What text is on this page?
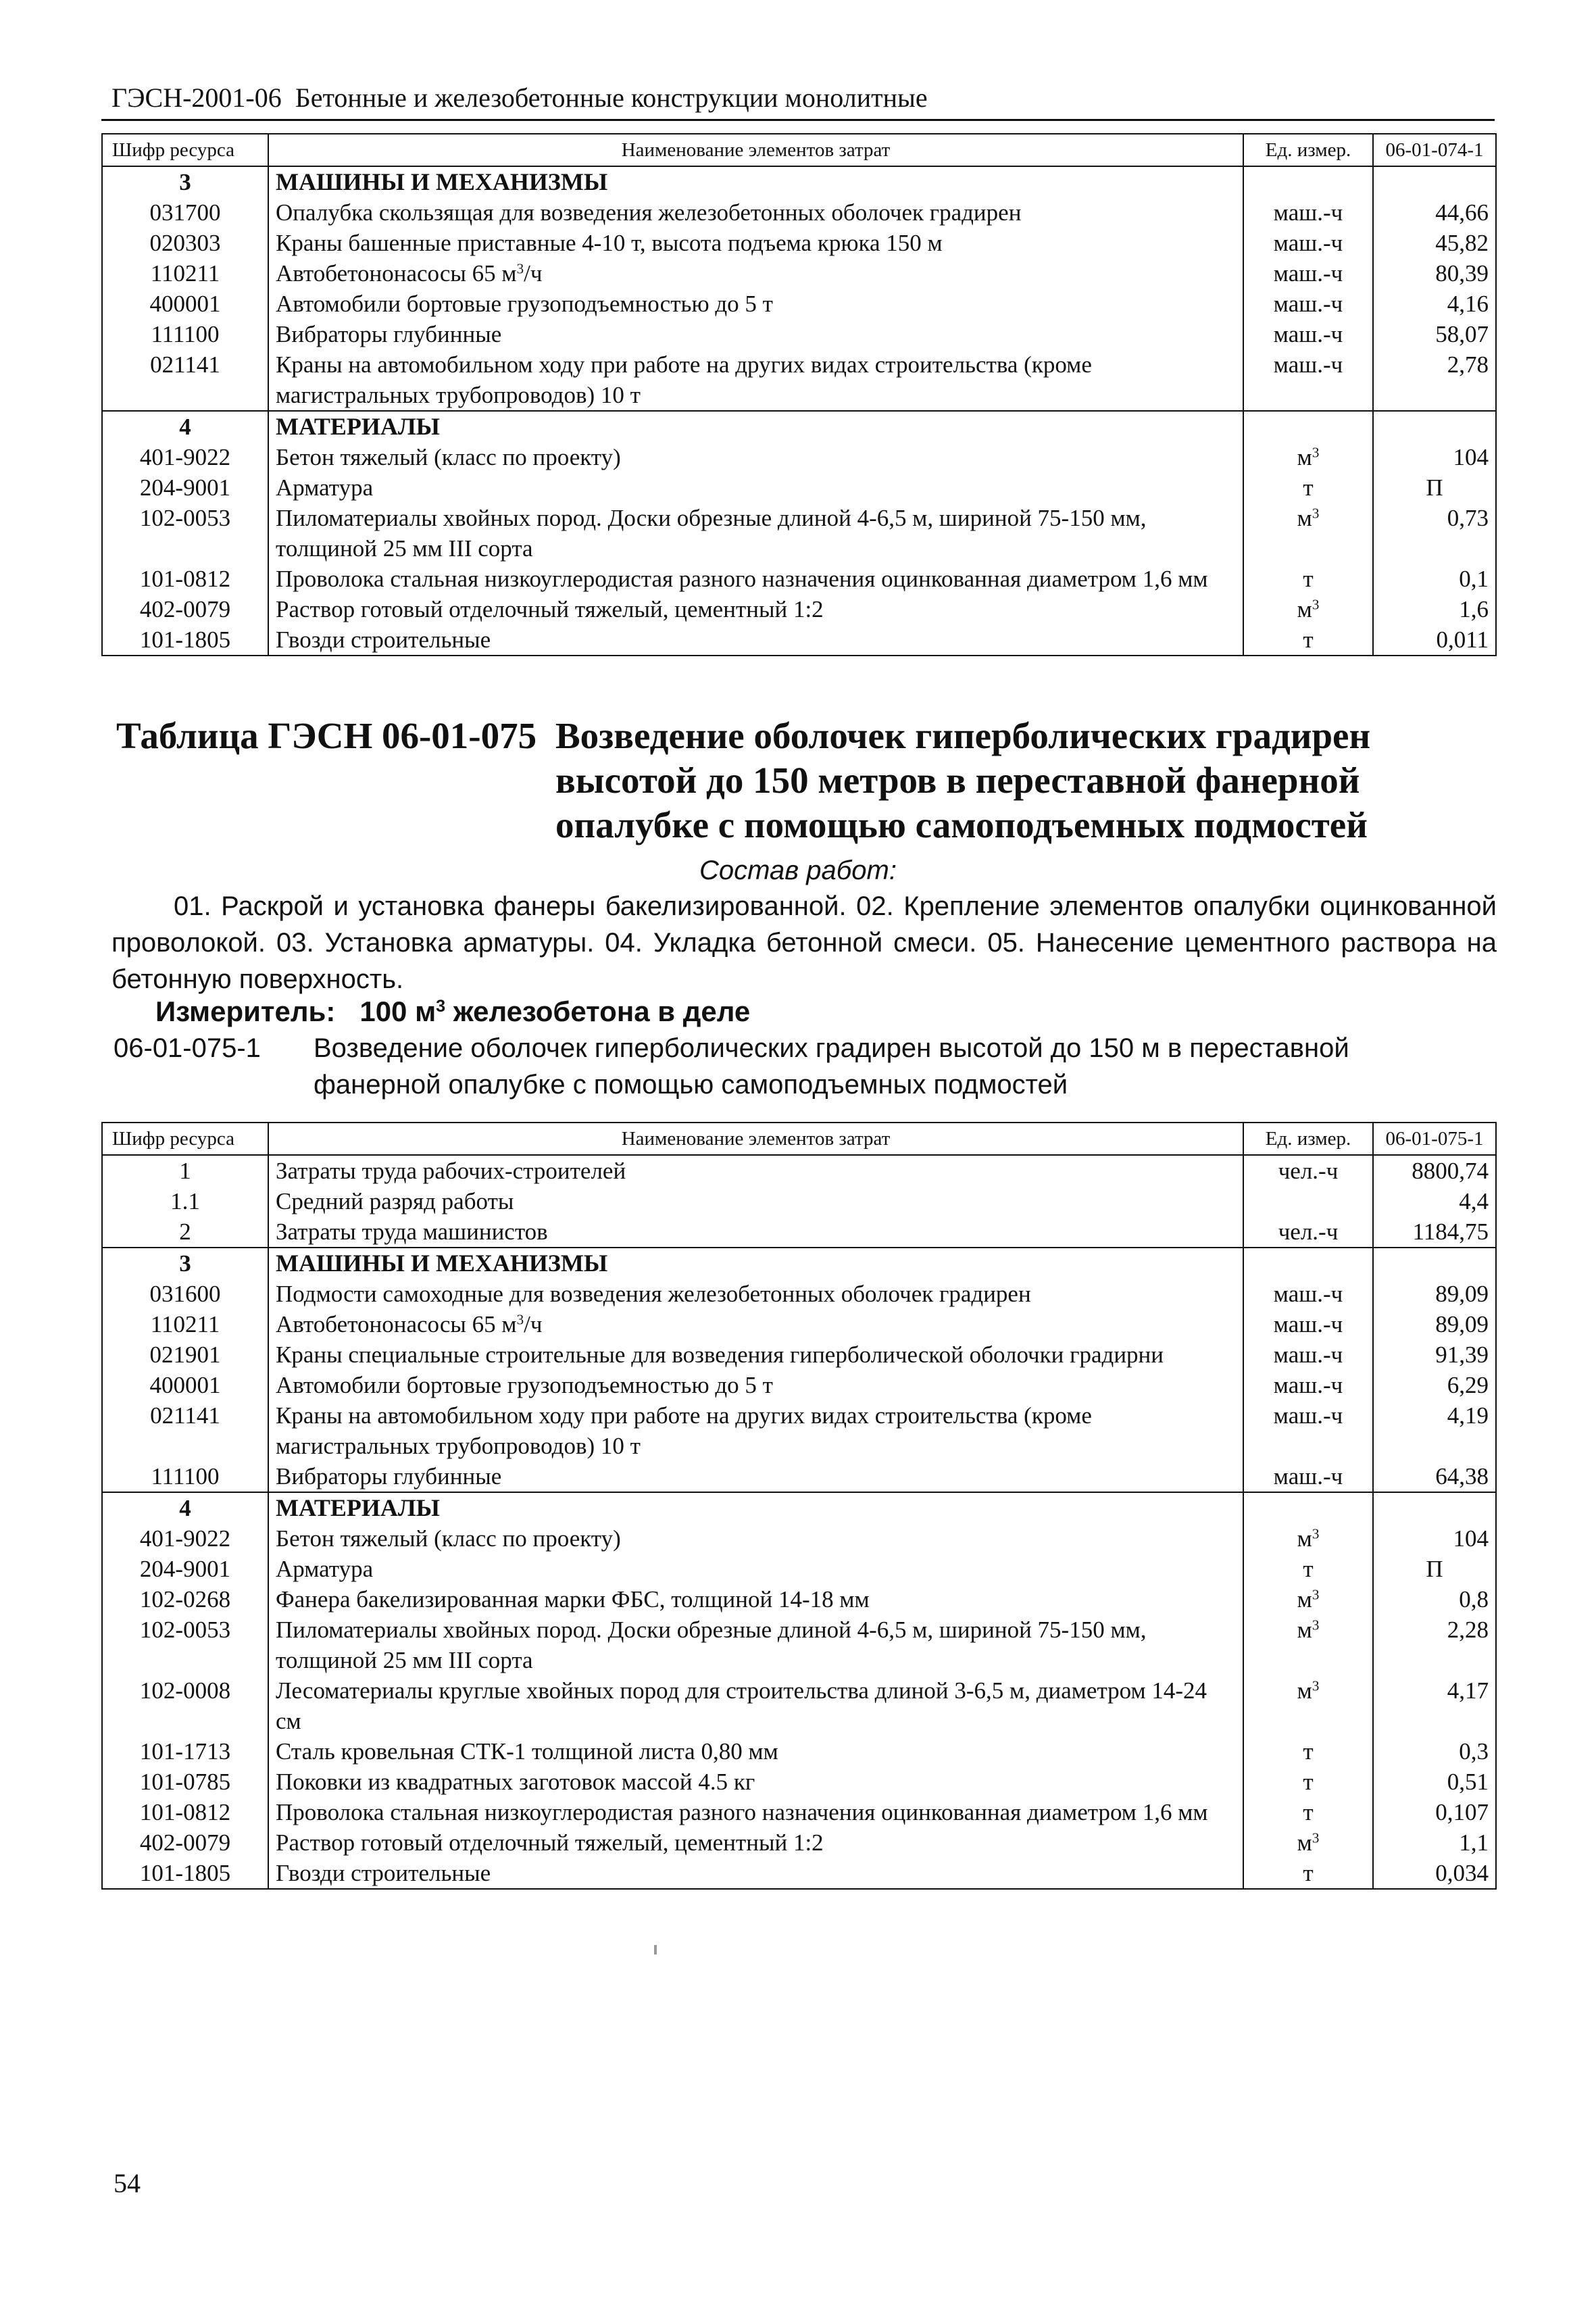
ГЭСН-2001-06 Бетонные и железобетонные конструкции монолитные
Шифр ресурса	Наименование элементов затрат	Ед. измер.	06-01-074-1
3	МАШИНЫ И МЕХАНИЗМЫ		
031700	Опалубка скользящая для возведения железобетонных оболочек градирен	маш.-ч	44,66
020303	Краны башенные приставные 4-10 т, высота подъема крюка 150 м	маш.-ч	45,82
110211	Автобетононасосы 65 $м^3/ч$	маш.-ч	80,39
400001	Автомобили бортовые грузоподъемностью до 5 т	маш.-ч	4,16
111100	Вибраторы глубинные	маш.-ч	58,07
021141	Краны на автомобильном ходу при работе на других видах строительства (кроме магистральных трубопроводов) 10 т	маш.-ч	2,78
4	МАТЕРИАЛЫ		
401-9022	Бетон тяжелый (класс по проекту)	$м^3$	104
204-9001	Арматура	т	П
102-0053	Пиломатериалы хвойных пород. Доски обрезные длиной 4-6,5 м, шириной 75-150 мм, толщиной 25 мм III сорта	$м^3$	0,73
101-0812	Проволока стальная низкоуглеродистая разного назначения оцинкованная диаметром 1,6 мм	т	0,1
402-0079	Раствор готовый отделочный тяжелый, цементный 1:2	$м^3$	1,6
101-1805	Гвозди строительные	т	0,011
Таблица ГЭСН 06-01-075 Возведение оболочек гиперболических градирен высотой до 150 метров в переставной фанерной опалубке с помощью самоподъемных подмостей
Состав работ:
01. Раскрой и установка фанеры бакелизированной. 02. Крепление элементов опалубки оцинкованной проволокой. 03. Установка арматуры. 04. Укладка бетонной смеси. 05. Нанесение цементного раствора на бетонную поверхность.
Измеритель: 100 $м^3$ железобетона в деле
06-01-075-1 Возведение оболочек гиперболических градирен высотой до 150 м в переставной фанерной опалубке с помощью самоподъемных подмостей
Шифр ресурса	Наименование элементов затрат	Ед. измер.	06-01-075-1
1	Затраты труда рабочих-строителей	чел.-ч	8800,74
1.1	Средний разряд работы		4,4
2	Затраты труда машинистов	чел.-ч	1184,75
3	МАШИНЫ И МЕХАНИЗМЫ		
031600	Подмости самоходные для возведения железобетонных оболочек градирен	маш.-ч	89,09
110211	Автобетононасосы 65 $м^3/ч$	маш.-ч	89,09
021901	Краны специальные строительные для возведения гиперболической оболочки градирни	маш.-ч	91,39
400001	Автомобили бортовые грузоподъемностью до 5 т	маш.-ч	6,29
021141	Краны на автомобильном ходу при работе на других видах строительства (кроме магистральных трубопроводов) 10 т	маш.-ч	4,19
111100	Вибраторы глубинные	маш.-ч	64,38
4	МАТЕРИАЛЫ		
401-9022	Бетон тяжелый (класс по проекту)	$м^3$	104
204-9001	Арматура	т	П
102-0268	Фанера бакелизированная марки ФБС, толщиной 14-18 мм	$м^3$	0,8
102-0053	Пиломатериалы хвойных пород. Доски обрезные длиной 4-6,5 м, шириной 75-150 мм, толщиной 25 мм III сорта	$м^3$	2,28
102-0008	Лесоматериалы круглые хвойных пород для строительства длиной 3-6,5 м, диаметром 14-24 см	$м^3$	4,17
101-1713	Сталь кровельная СТК-1 толщиной листа 0,80 мм	т	0,3
101-0785	Поковки из квадратных заготовок массой 4.5 кг	т	0,51
101-0812	Проволока стальная низкоуглеродистая разного назначения оцинкованная диаметром 1,6 мм	т	0,107
402-0079	Раствор готовый отделочный тяжелый, цементный 1:2	$м^3$	1,1
101-1805	Гвозди строительные	т	0,034
54
